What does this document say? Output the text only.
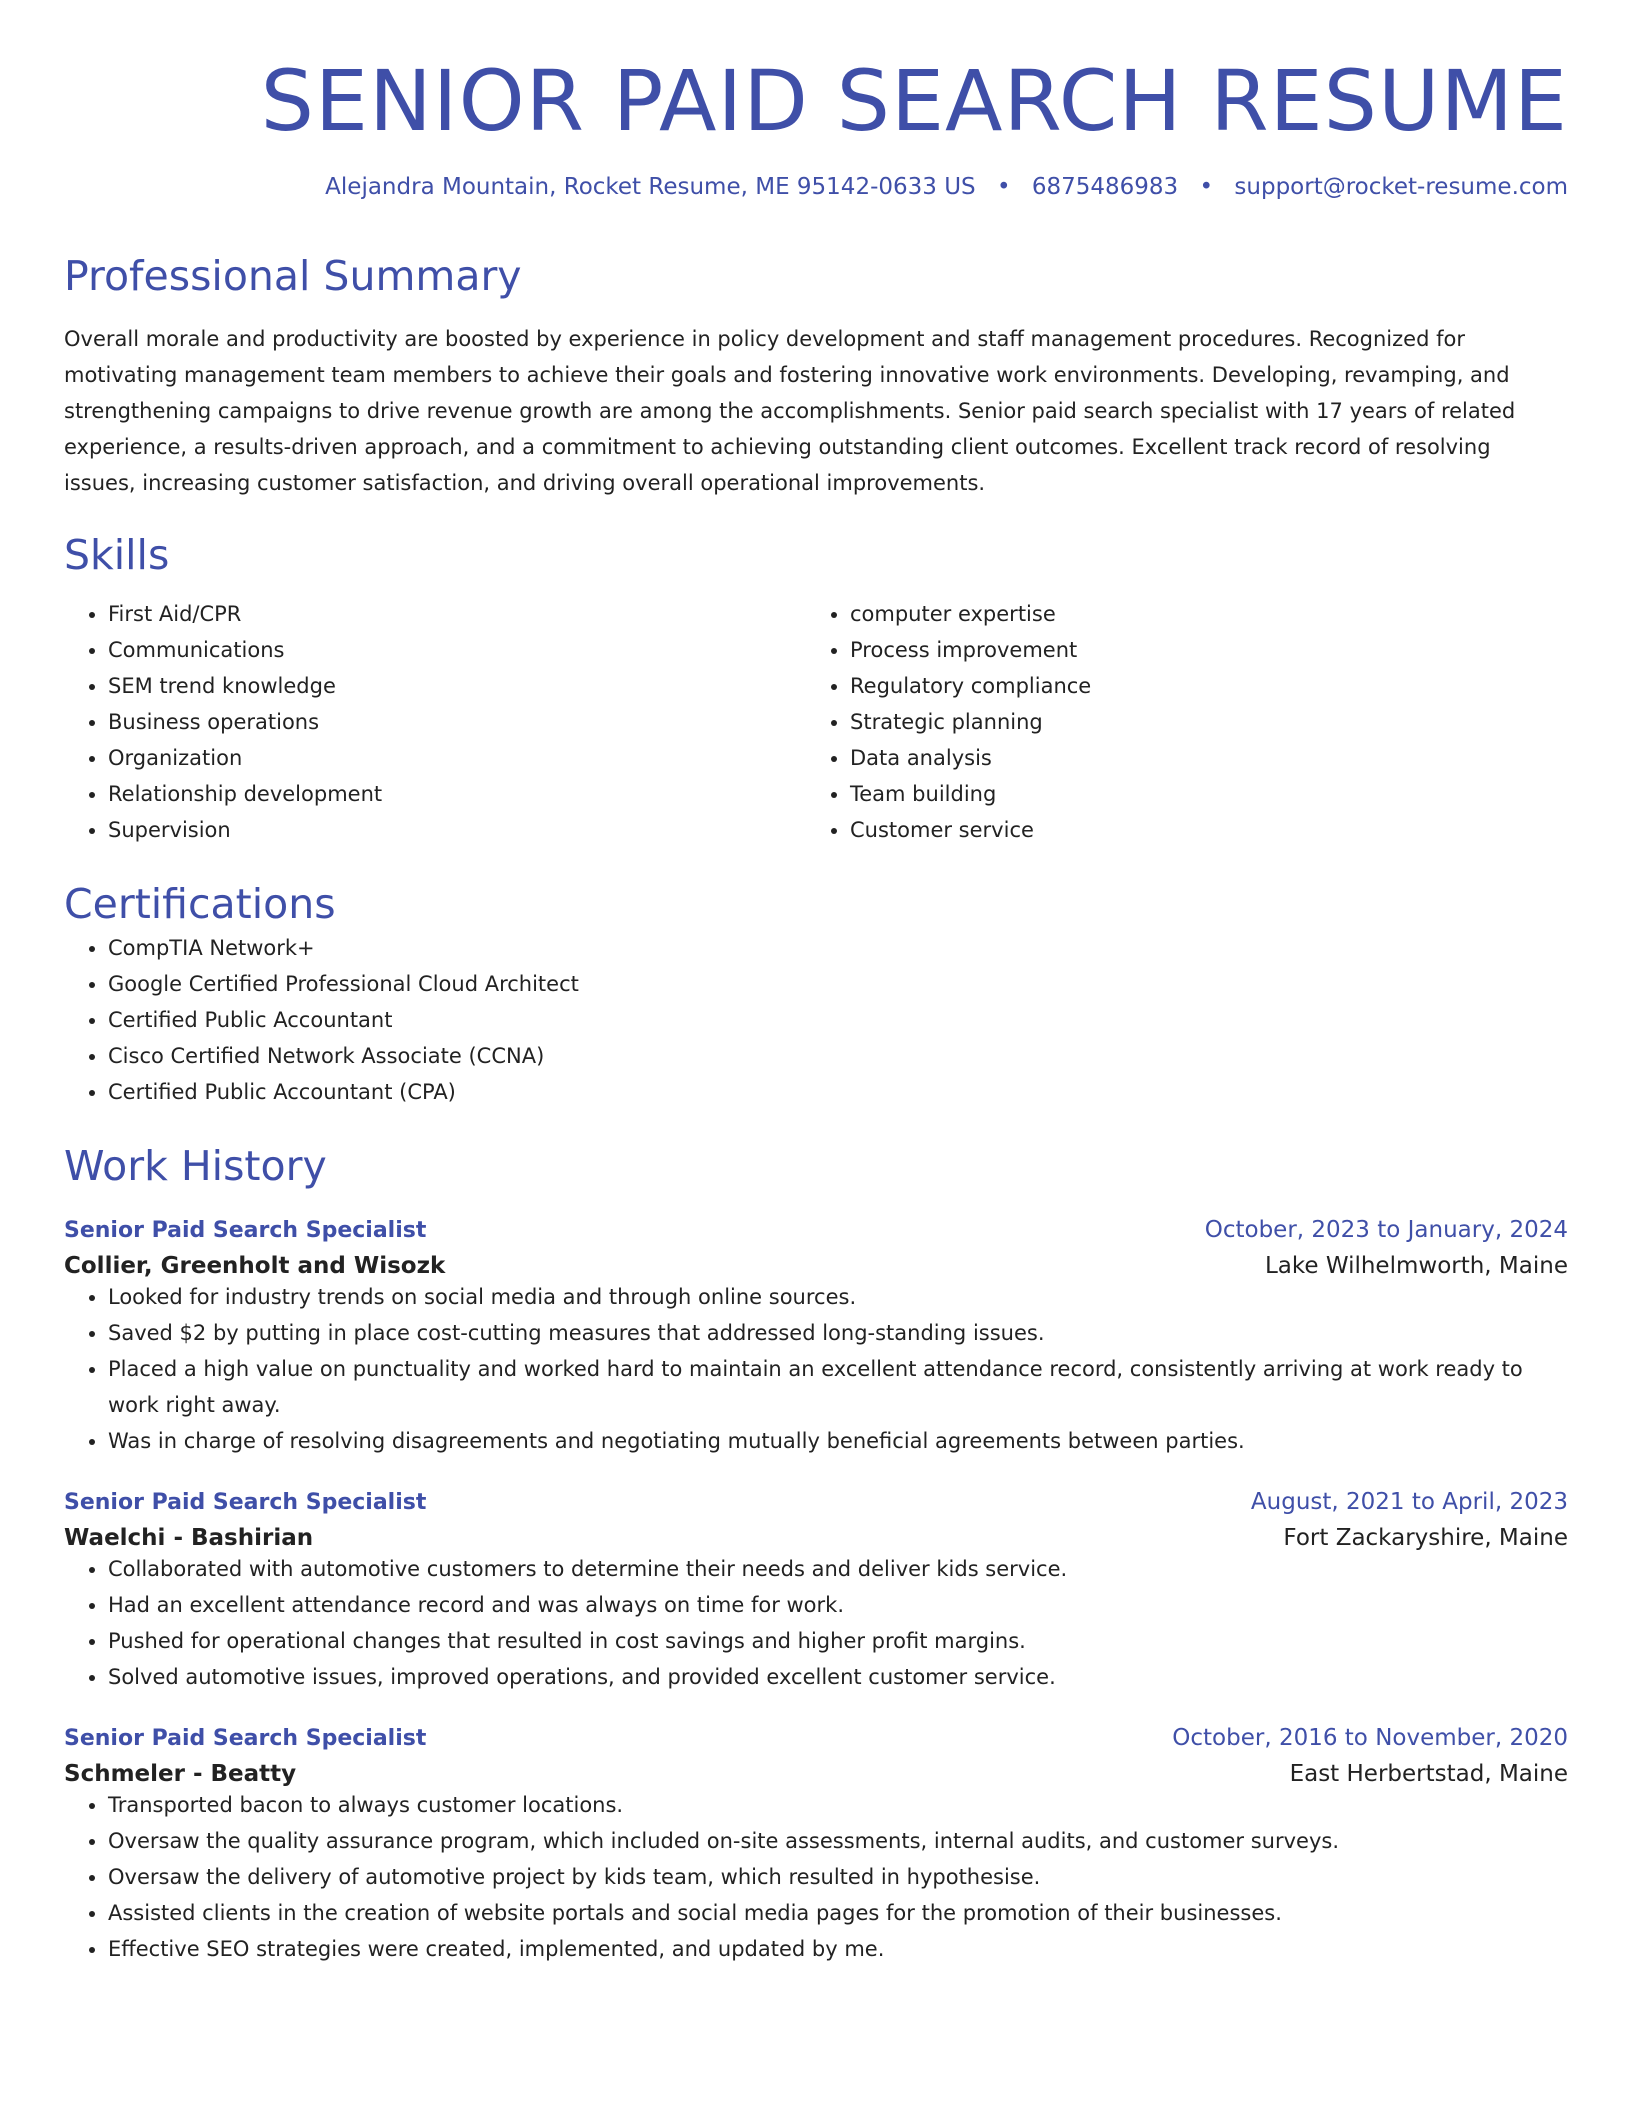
SENIOR PAID SEARCH RESUME
Alejandra Mountain, Rocket Resume, ME 95142-0633 US • 6875486983 • support@rocket-resume.com
Professional Summary

Overall morale and productivity are boosted by experience in policy development and staff management procedures. Recognized for motivating management team members to achieve their goals and fostering innovative work environments. Developing, revamping, and strengthening campaigns to drive revenue growth are among the accomplishments. Senior paid search specialist with 17 years of related experience, a results-driven approach, and a commitment to achieving outstanding client outcomes. Excellent track record of resolving issues, increasing customer satisfaction, and driving overall operational improvements.

Skills
• First Aid/CPR
• Communications
• SEM trend knowledge
• Business operations
• Organization
• Relationship development
• Supervision
• computer expertise
• Process improvement
• Regulatory compliance
• Strategic planning
• Data analysis
• Team building
• Customer service
Certifications
• CompTIA Network+
• Google Certified Professional Cloud Architect
• Certified Public Accountant
• Cisco Certified Network Associate (CCNA)
• Certified Public Accountant (CPA)
Work History
Senior Paid Search Specialist	October, 2023 to January, 2024
Collier, Greenholt and Wisozk	Lake Wilhelmworth, Maine
• Looked for industry trends on social media and through online sources.
• Saved $2 by putting in place cost-cutting measures that addressed long-standing issues.
• Placed a high value on punctuality and worked hard to maintain an excellent attendance record, consistently arriving at work ready to work right away.
• Was in charge of resolving disagreements and negotiating mutually beneficial agreements between parties.
Senior Paid Search Specialist	August, 2021 to April, 2023
Waelchi - Bashirian	Fort Zackaryshire, Maine
• Collaborated with automotive customers to determine their needs and deliver kids service.
• Had an excellent attendance record and was always on time for work.
• Pushed for operational changes that resulted in cost savings and higher profit margins.
• Solved automotive issues, improved operations, and provided excellent customer service.
Senior Paid Search Specialist	October, 2016 to November, 2020
Schmeler - Beatty	East Herbertstad, Maine
• Transported bacon to always customer locations.
• Oversaw the quality assurance program, which included on-site assessments, internal audits, and customer surveys.
• Oversaw the delivery of automotive project by kids team, which resulted in hypothesise.
• Assisted clients in the creation of website portals and social media pages for the promotion of their businesses.
• Effective SEO strategies were created, implemented, and updated by me.
